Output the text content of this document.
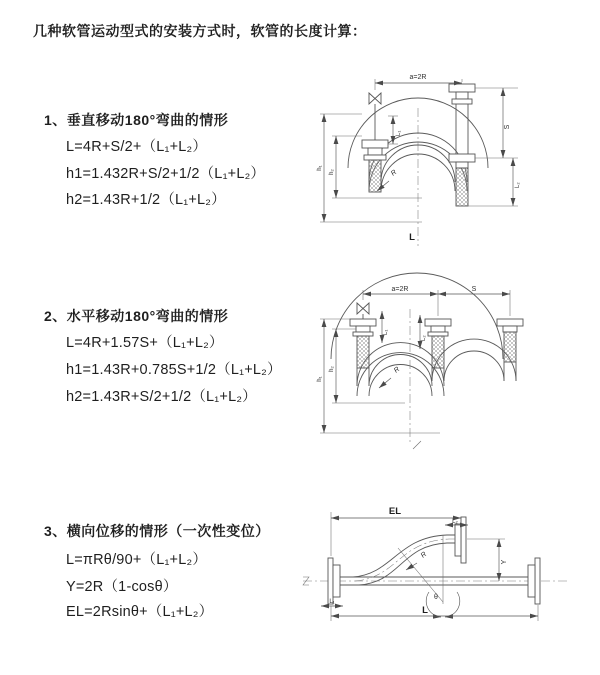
几种软管运动型式的安装方式时，软管的长度计算：
1、垂直移动180°弯曲的情形
L=4R+S/2+（L₁+L₂）
h1=1.432R+S/2+1/2（L₁+L₂）
h2=1.43R+1/2（L₁+L₂）
2、水平移动180°弯曲的情形
L=4R+1.57S+（L₁+L₂）
h1=1.43R+0.785S+1/2（L₁+L₂）
h2=1.43R+S/2+1/2（L₁+L₂）
3、横向位移的情形（一次性变位）
L=πRθ/90+（L₁+L₂）
Y=2R（1-cosθ）
EL=2Rsinθ+（L₁+L₂）
a=2R
L₁
S
L₂
h₁
h₂	R
L
a=2R	S
h₁
h₂
L₁
L₂
R
EL
L₂
Y
θ
R
L₁
L
